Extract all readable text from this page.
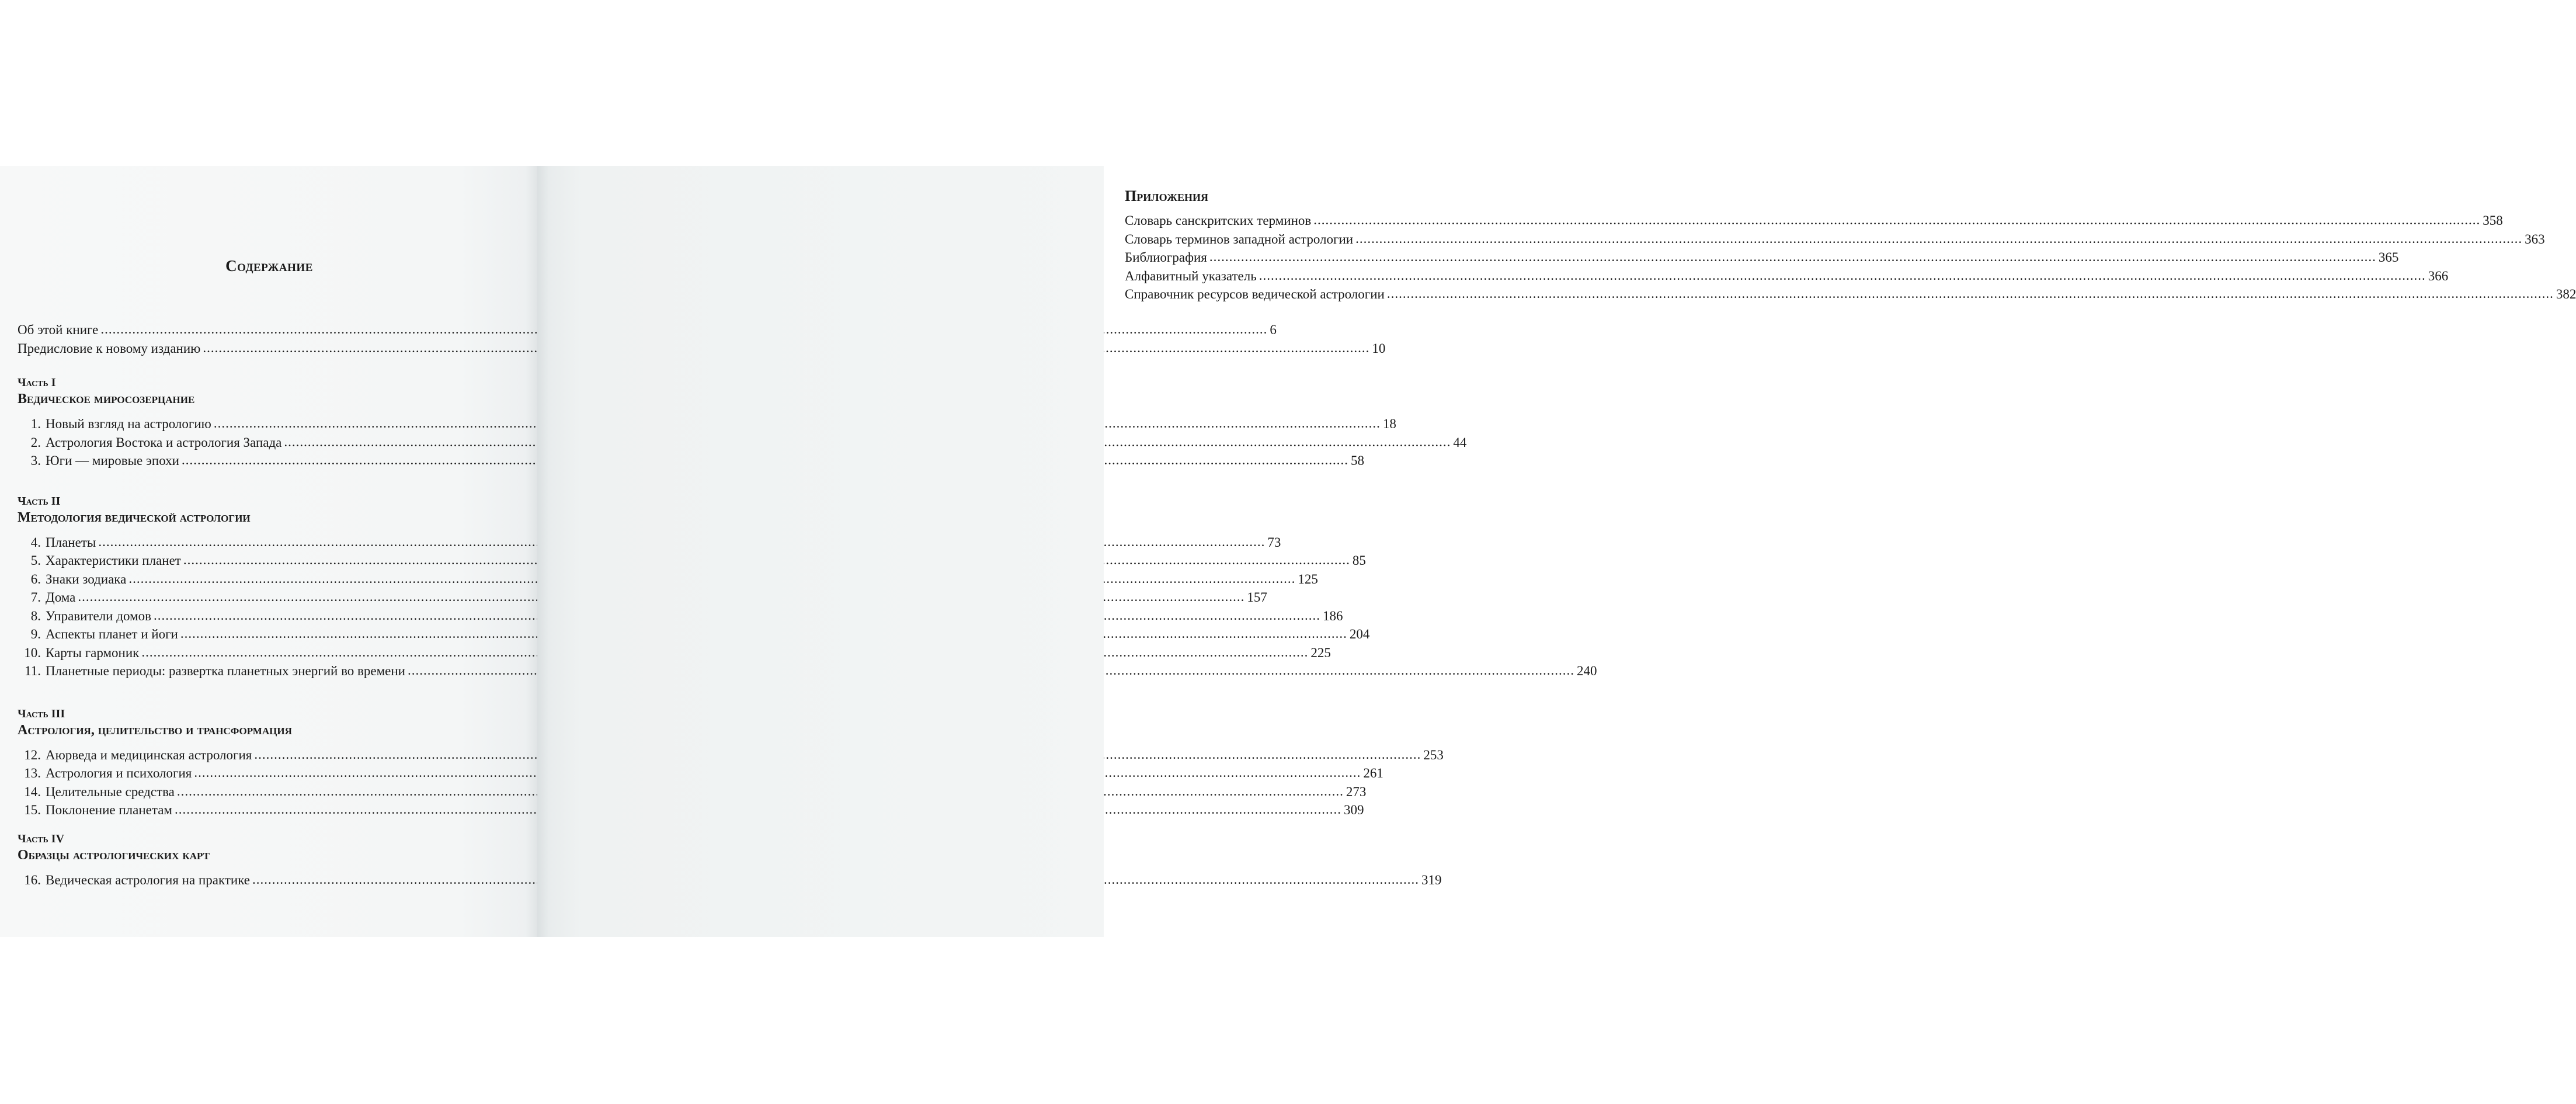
Содержание
Об этой книге .....	6
Предисловие к новому изданию .....	10
Часть I
Ведическое миросозерцание
1. Новый взгляд на астрологию .....	18
2. Астрология Востока и астрология Запада .....	44
3. Юги — мировые эпохи .....	58
Часть II
Методология ведической астрологии
4. Планеты .....	73
5. Характеристики планет .....	85
6. Знаки зодиака .....	125
7. Дома .....	157
8. Управители домов .....	186
9. Аспекты планет и йоги .....	204
10. Карты гармоник .....	225
11. Планетные периоды: развертка планетных энергий во времени .....	240
Часть III
Астрология, целительство и трансформация
12. Аюрведа и медицинская астрология .....	253
13. Астрология и психология .....	261
14. Целительные средства .....	273
15. Поклонение планетам .....	309
Часть IV
Образцы астрологических карт
16. Ведическая астрология на практике .....	319
Приложения
Словарь санскритских терминов .....	358
Словарь терминов западной астрологии .....	363
Библиография .....	365
Алфавитный указатель .....	366
Справочник ресурсов ведической астрологии .....	382
